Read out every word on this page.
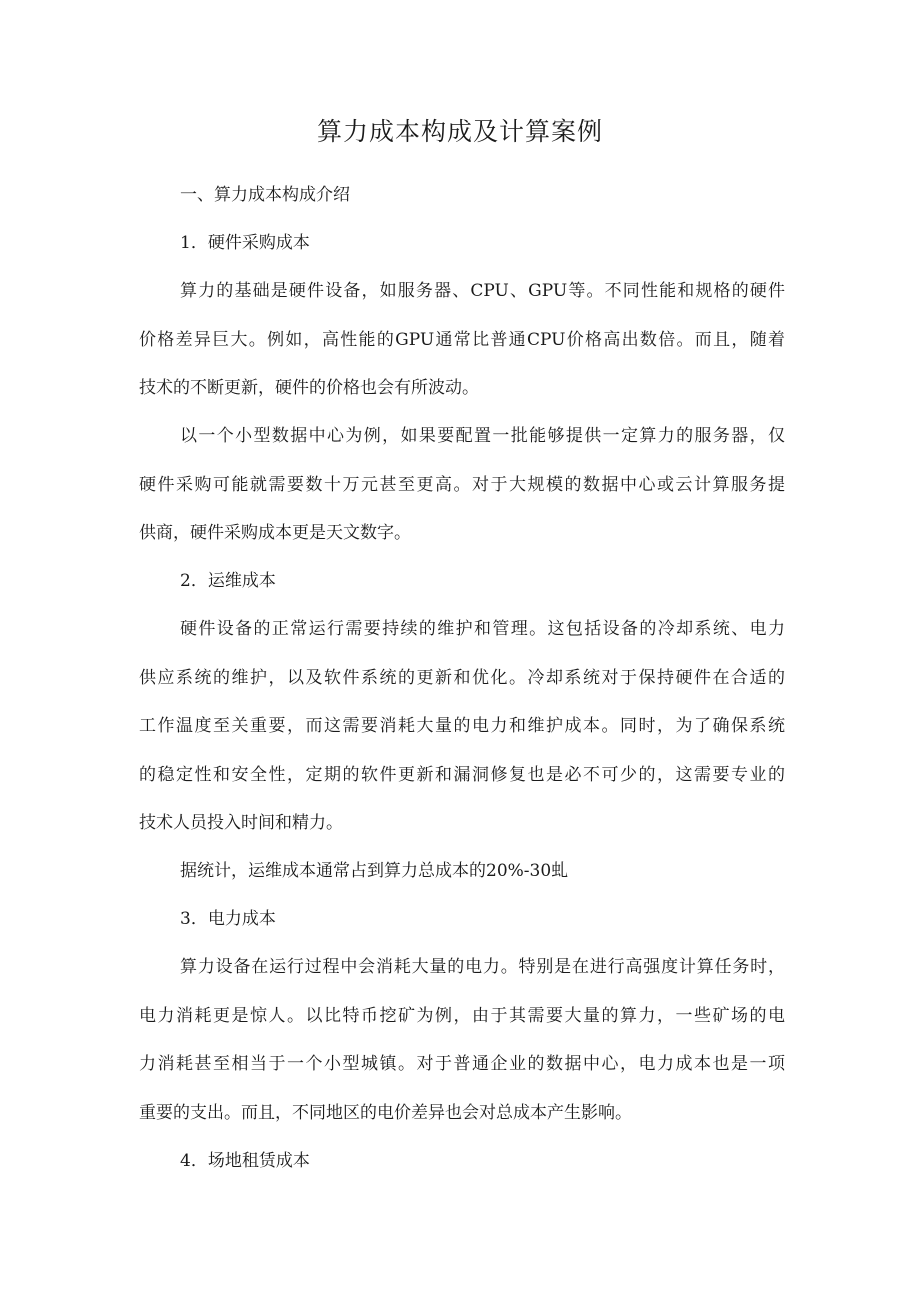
算力成本构成及计算案例
一、算力成本构成介绍
1．硬件采购成本
算力的基础是硬件设备，如服务器、CPU、GPU等。不同性能和规格的硬件
价格差异巨大。例如，高性能的GPU通常比普通CPU价格高出数倍。而且，随着
技术的不断更新，硬件的价格也会有所波动。
以一个小型数据中心为例，如果要配置一批能够提供一定算力的服务器，仅
硬件采购可能就需要数十万元甚至更高。对于大规模的数据中心或云计算服务提
供商，硬件采购成本更是天文数字。
2．运维成本
硬件设备的正常运行需要持续的维护和管理。这包括设备的冷却系统、电力
供应系统的维护，以及软件系统的更新和优化。冷却系统对于保持硬件在合适的
工作温度至关重要，而这需要消耗大量的电力和维护成本。同时，为了确保系统
的稳定性和安全性，定期的软件更新和漏洞修复也是必不可少的，这需要专业的
技术人员投入时间和精力。
据统计，运维成本通常占到算力总成本的20%-30虬
3．电力成本
算力设备在运行过程中会消耗大量的电力。特别是在进行高强度计算任务时，
电力消耗更是惊人。以比特币挖矿为例，由于其需要大量的算力，一些矿场的电
力消耗甚至相当于一个小型城镇。对于普通企业的数据中心，电力成本也是一项
重要的支出。而且，不同地区的电价差异也会对总成本产生影响。
4．场地租赁成本
